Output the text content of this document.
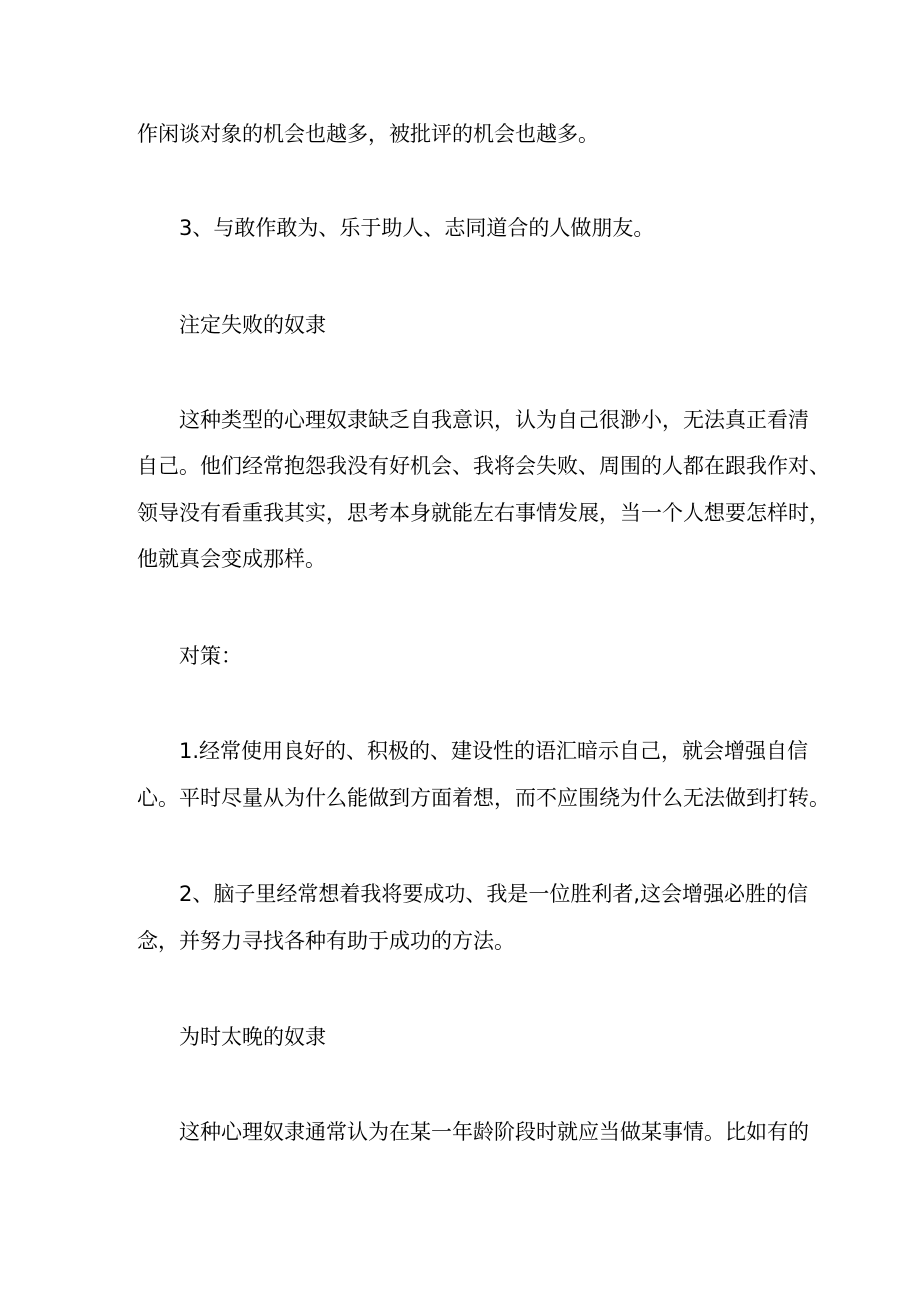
作闲谈对象的机会也越多，被批评的机会也越多。
3、与敢作敢为、乐于助人、志同道合的人做朋友。
注定失败的奴隶
这种类型的心理奴隶缺乏自我意识，认为自己很渺小，无法真正看清
自己。他们经常抱怨我没有好机会、我将会失败、周围的人都在跟我作对、
领导没有看重我其实，思考本身就能左右事情发展，当一个人想要怎样时，
他就真会变成那样。
对策：
1.经常使用良好的、积极的、建设性的语汇暗示自己，就会增强自信
心。平时尽量从为什么能做到方面着想，而不应围绕为什么无法做到打转。
2、脑子里经常想着我将要成功、我是一位胜利者,这会增强必胜的信
念，并努力寻找各种有助于成功的方法。
为时太晚的奴隶
这种心理奴隶通常认为在某一年龄阶段时就应当做某事情。比如有的
